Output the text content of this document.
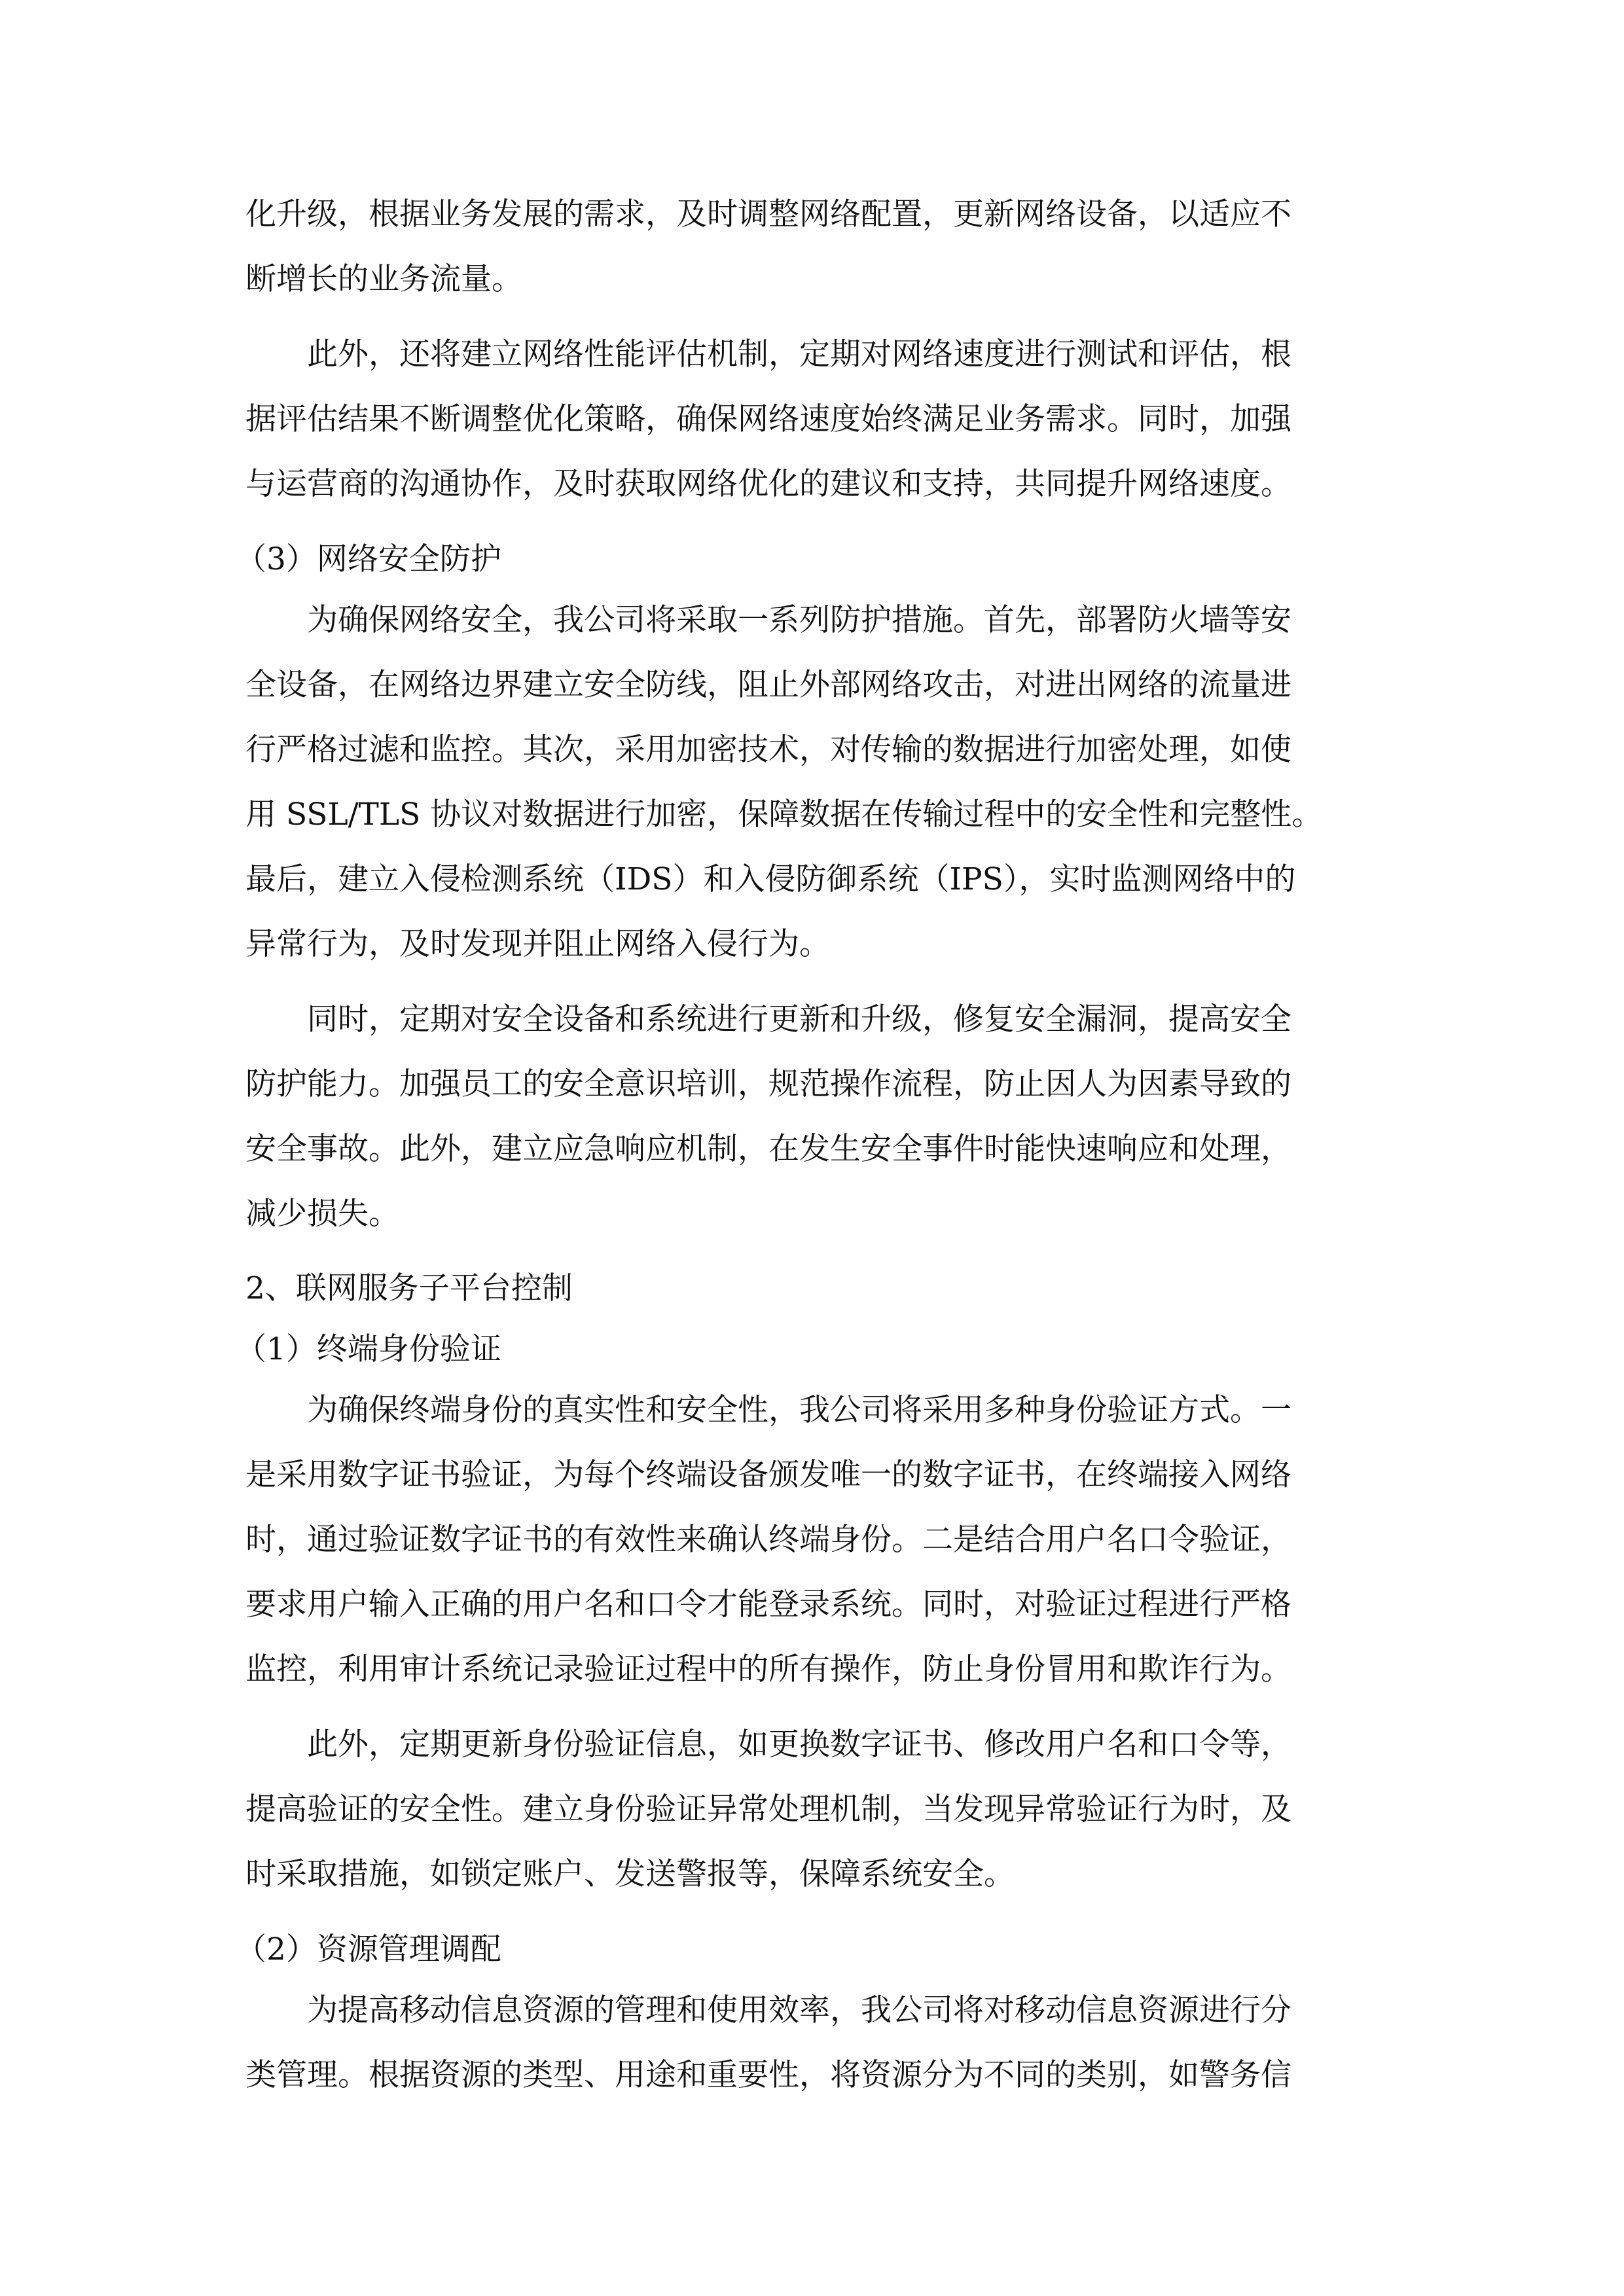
化升级，根据业务发展的需求，及时调整网络配置，更新网络设备，以适应不
断增长的业务流量。
此外，还将建立网络性能评估机制，定期对网络速度进行测试和评估，根
据评估结果不断调整优化策略，确保网络速度始终满足业务需求。同时，加强
与运营商的沟通协作，及时获取网络优化的建议和支持，共同提升网络速度。
（3）网络安全防护
为确保网络安全，我公司将采取一系列防护措施。首先，部署防火墙等安
全设备，在网络边界建立安全防线，阻止外部网络攻击，对进出网络的流量进
行严格过滤和监控。其次，采用加密技术，对传输的数据进行加密处理，如使
用 SSL/TLS 协议对数据进行加密，保障数据在传输过程中的安全性和完整性。
最后，建立入侵检测系统（IDS）和入侵防御系统（IPS），实时监测网络中的
异常行为，及时发现并阻止网络入侵行为。
同时，定期对安全设备和系统进行更新和升级，修复安全漏洞，提高安全
防护能力。加强员工的安全意识培训，规范操作流程，防止因人为因素导致的
安全事故。此外，建立应急响应机制，在发生安全事件时能快速响应和处理，
减少损失。
2、联网服务子平台控制
（1）终端身份验证
为确保终端身份的真实性和安全性，我公司将采用多种身份验证方式。一
是采用数字证书验证，为每个终端设备颁发唯一的数字证书，在终端接入网络
时，通过验证数字证书的有效性来确认终端身份。二是结合用户名口令验证，
要求用户输入正确的用户名和口令才能登录系统。同时，对验证过程进行严格
监控，利用审计系统记录验证过程中的所有操作，防止身份冒用和欺诈行为。
此外，定期更新身份验证信息，如更换数字证书、修改用户名和口令等，
提高验证的安全性。建立身份验证异常处理机制，当发现异常验证行为时，及
时采取措施，如锁定账户、发送警报等，保障系统安全。
（2）资源管理调配
为提高移动信息资源的管理和使用效率，我公司将对移动信息资源进行分
类管理。根据资源的类型、用途和重要性，将资源分为不同的类别，如警务信
